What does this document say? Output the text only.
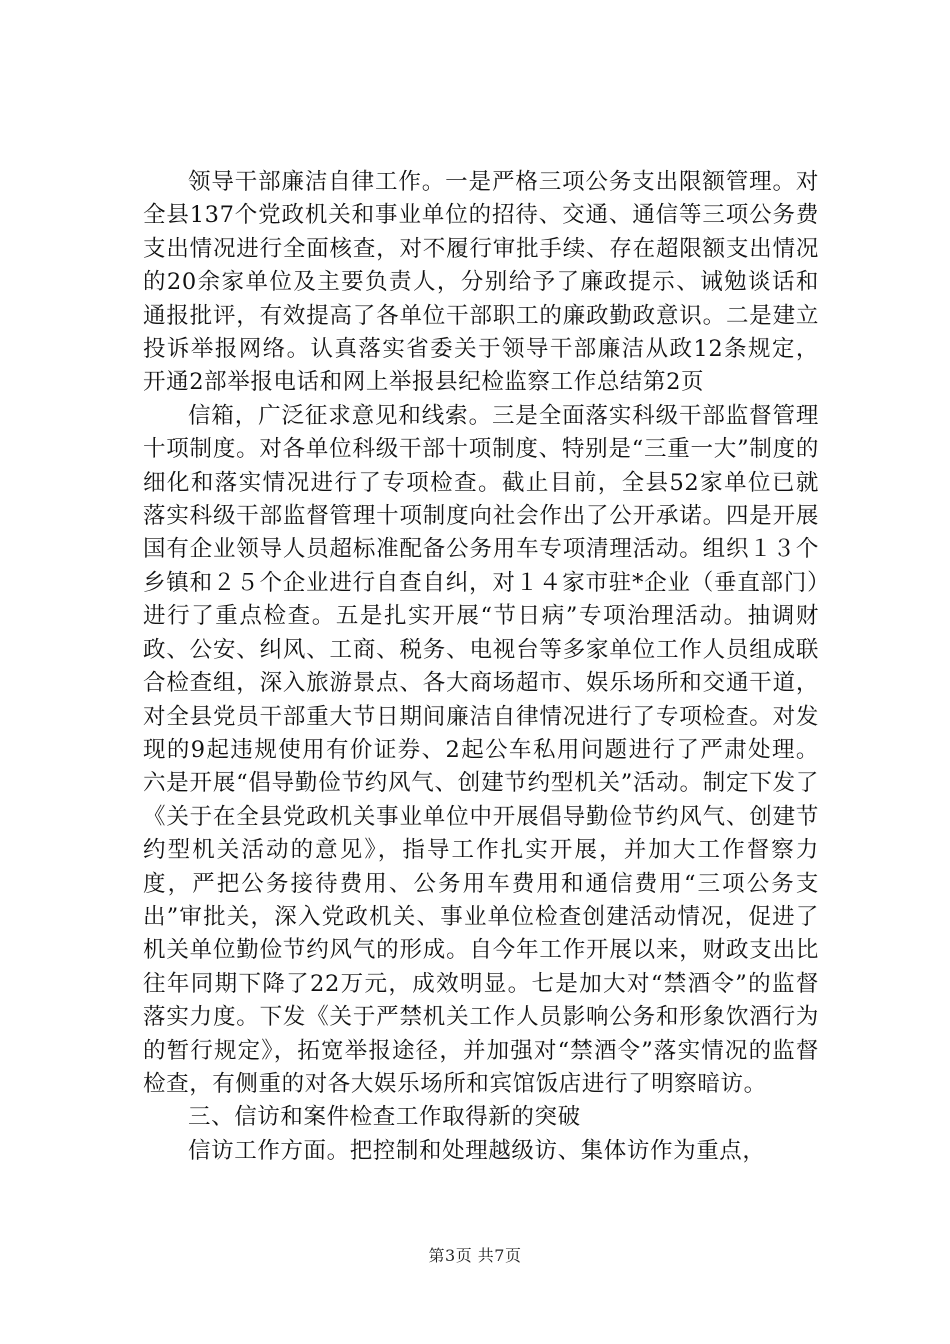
领导干部廉洁自律工作。一是严格三项公务支出限额管理。对全县137个党政机关和事业单位的招待、交通、通信等三项公务费支出情况进行全面核查，对不履行审批手续、存在超限额支出情况的20余家单位及主要负责人，分别给予了廉政提示、诫勉谈话和通报批评，有效提高了各单位干部职工的廉政勤政意识。二是建立投诉举报网络。认真落实省委关于领导干部廉洁从政12条规定，开通2部举报电话和网上举报县纪检监察工作总结第2页

信箱，广泛征求意见和线索。三是全面落实科级干部监督管理十项制度。对各单位科级干部十项制度、特别是“三重一大”制度的细化和落实情况进行了专项检查。截止目前，全县52家单位已就落实科级干部监督管理十项制度向社会作出了公开承诺。四是开展国有企业领导人员超标准配备公务用车专项清理活动。组织１３个乡镇和２５个企业进行自查自纠，对１４家市驻*企业（垂直部门）进行了重点检查。五是扎实开展“节日病”专项治理活动。抽调财政、公安、纠风、工商、税务、电视台等多家单位工作人员组成联合检查组，深入旅游景点、各大商场超市、娱乐场所和交通干道，对全县党员干部重大节日期间廉洁自律情况进行了专项检查。对发现的9起违规使用有价证券、2起公车私用问题进行了严肃处理。六是开展“倡导勤俭节约风气、创建节约型机关”活动。制定下发了《关于在全县党政机关事业单位中开展倡导勤俭节约风气、创建节约型机关活动的意见》，指导工作扎实开展，并加大工作督察力度，严把公务接待费用、公务用车费用和通信费用“三项公务支出”审批关，深入党政机关、事业单位检查创建活动情况，促进了机关单位勤俭节约风气的形成。自今年工作开展以来，财政支出比往年同期下降了22万元，成效明显。七是加大对“禁酒令”的监督落实力度。下发《关于严禁机关工作人员影响公务和形象饮酒行为的暂行规定》，拓宽举报途径，并加强对“禁酒令”落实情况的监督检查，有侧重的对各大娱乐场所和宾馆饭店进行了明察暗访。

三、信访和案件检查工作取得新的突破

信访工作方面。把控制和处理越级访、集体访作为重点，

第3页 共7页
